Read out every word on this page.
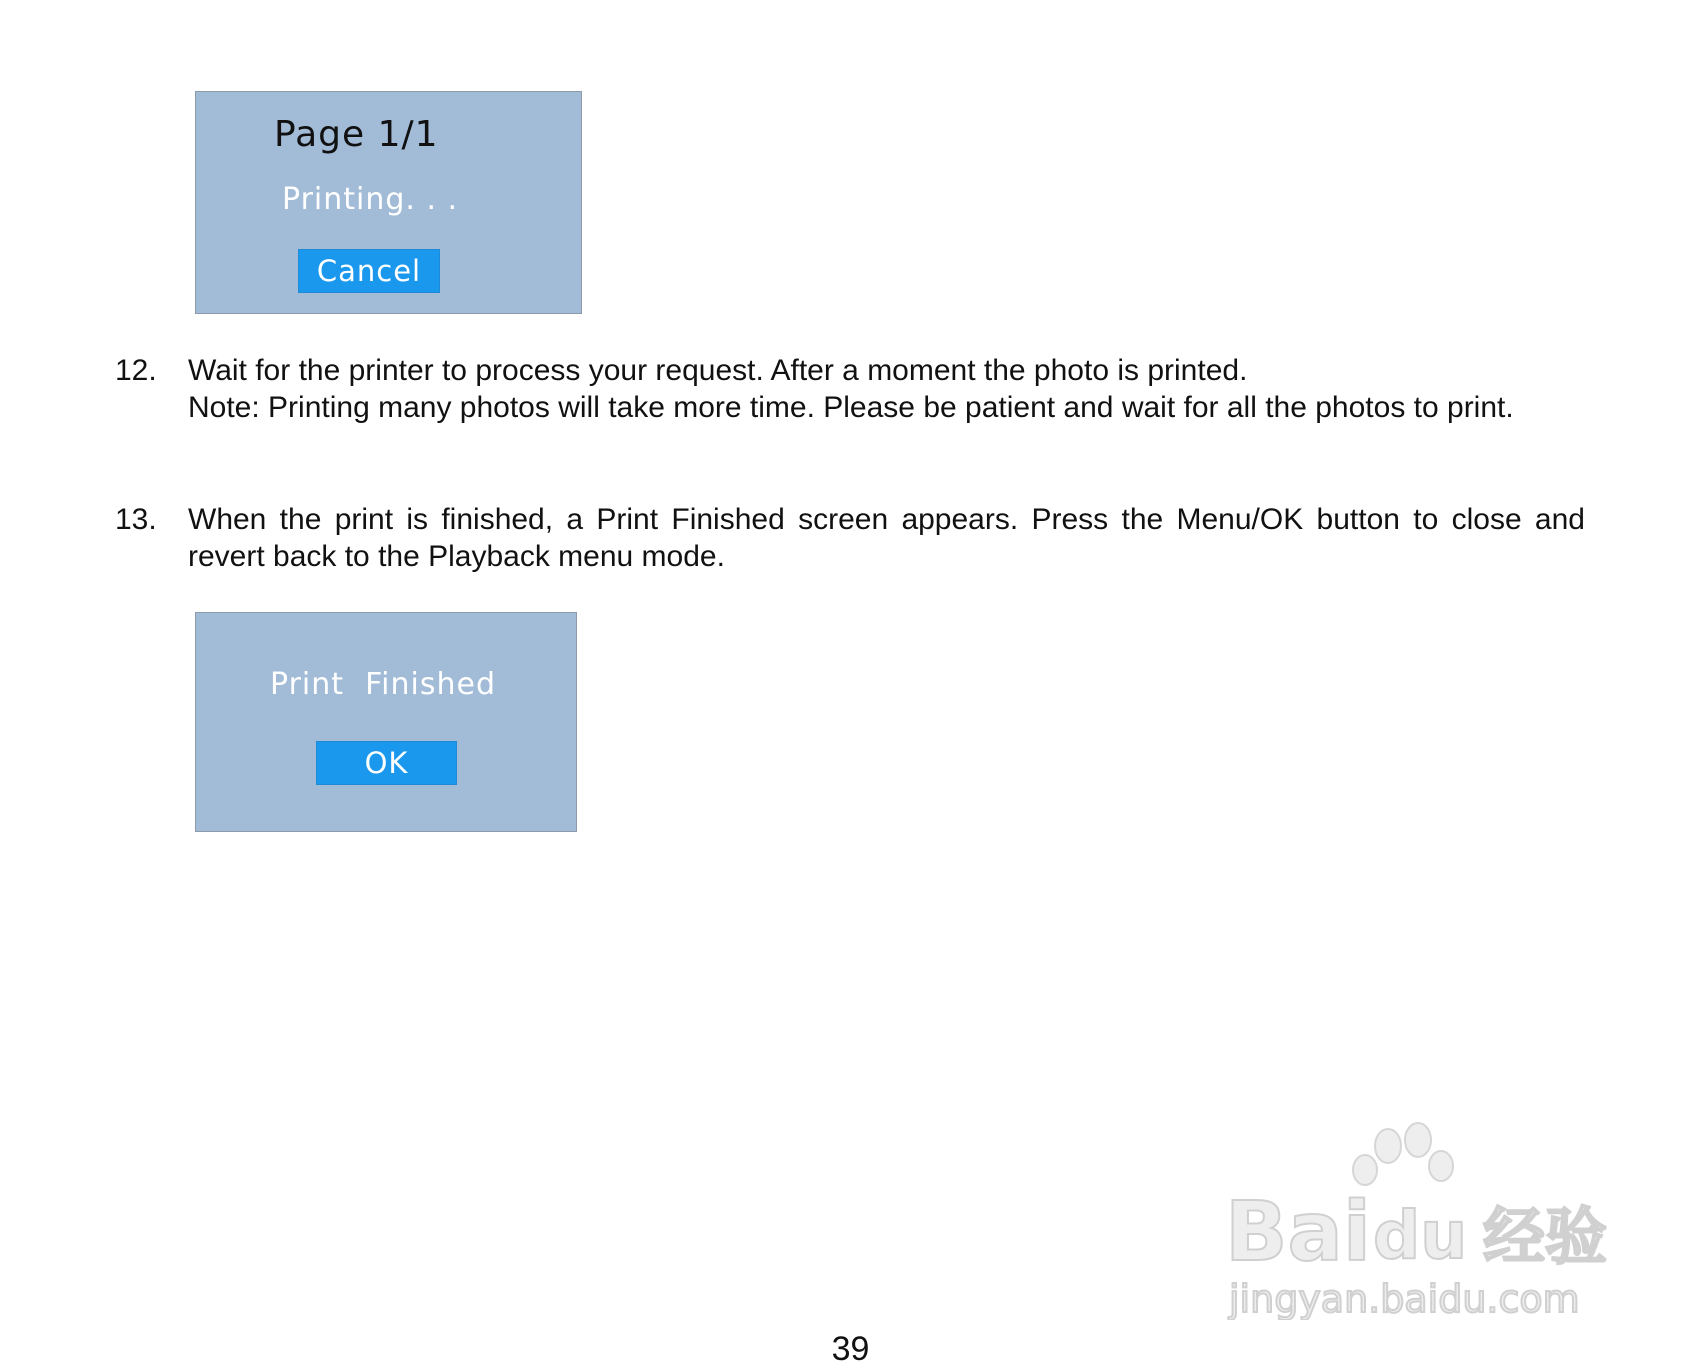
Page 1/1
Printing. . .
Cancel
12. Wait for the printer to process your request. After a moment the photo is printed.

Note: Printing many photos will take more time. Please be patient and wait for all the photos to print.

13. When the print is finished, a Print Finished screen appears. Press the Menu/OK button to close and revert back to the Playback menu mode.

Print  Finished
OK
Bai du 经验
jingyan.baidu.com
39
